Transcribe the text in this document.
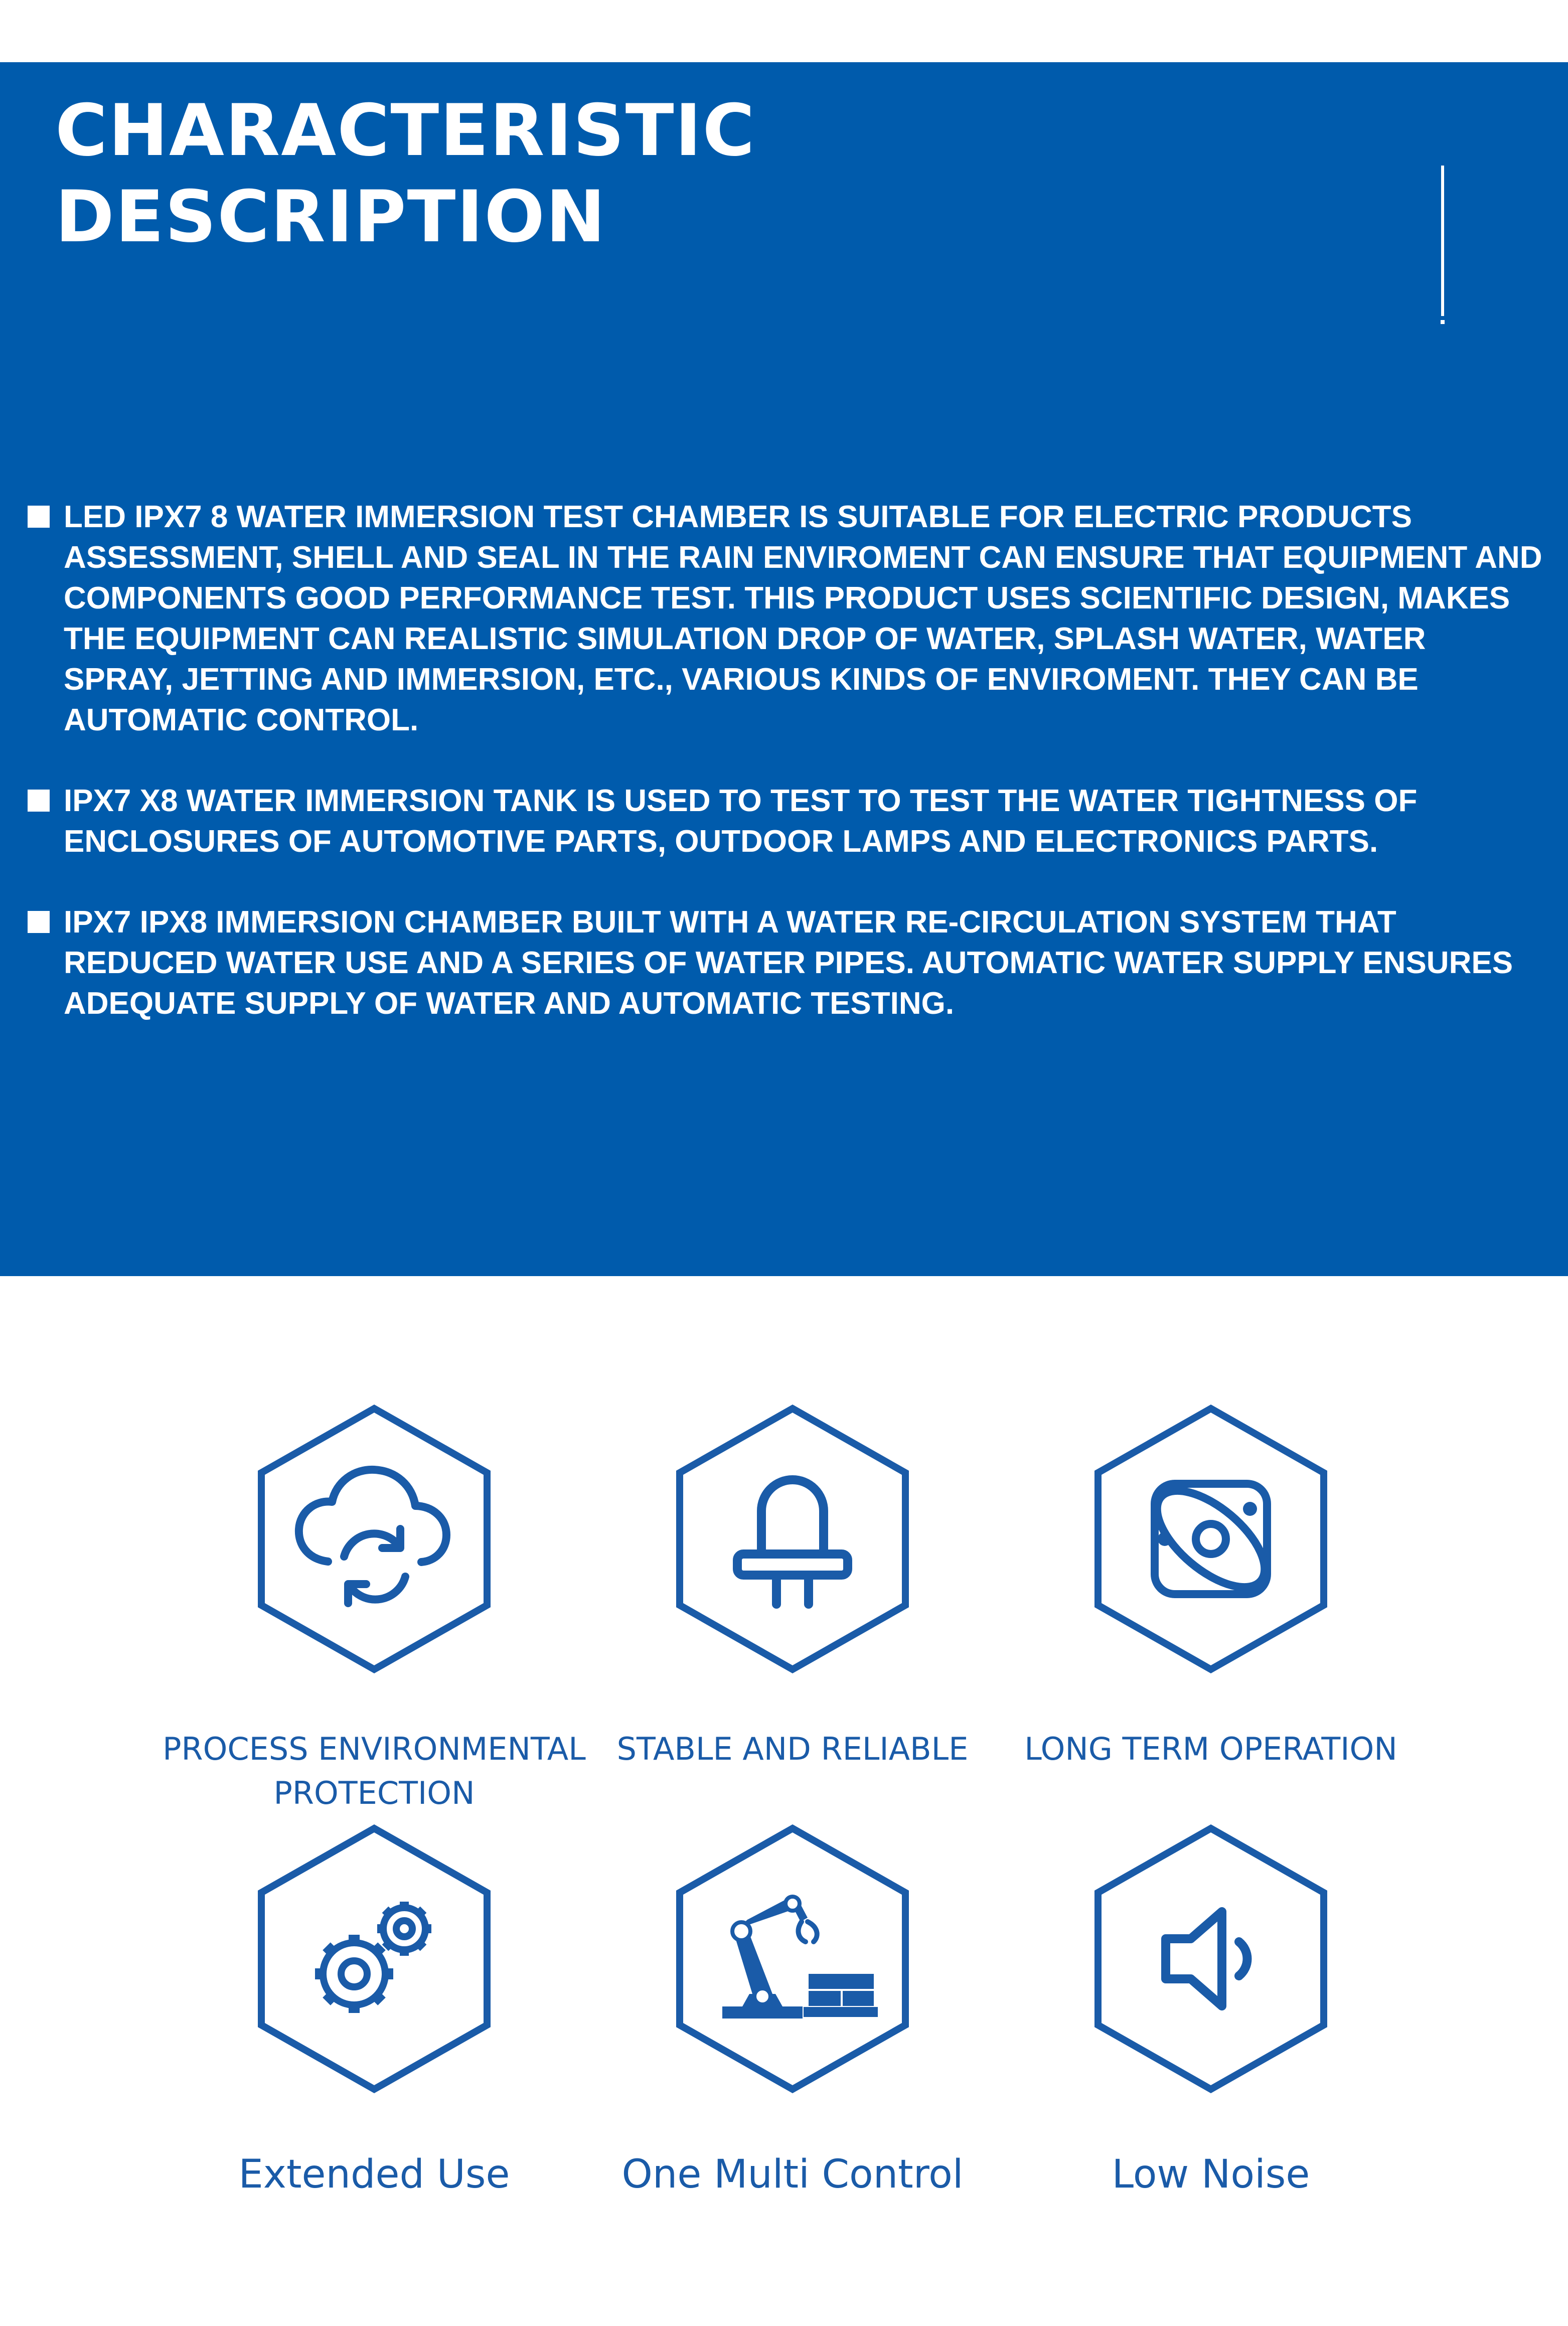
CHARACTERISTIC
DESCRIPTION
LED IPX7 8 WATER IMMERSION TEST CHAMBER IS SUITABLE FOR ELECTRIC PRODUCTS ASSESSMENT, SHELL AND SEAL IN THE RAIN ENVIROMENT CAN ENSURE THAT EQUIPMENT AND COMPONENTS GOOD PERFORMANCE TEST. THIS PRODUCT USES SCIENTIFIC DESIGN, MAKES THE EQUIPMENT CAN REALISTIC SIMULATION DROP OF WATER, SPLASH WATER, WATER SPRAY, JETTING AND IMMERSION, ETC., VARIOUS KINDS OF ENVIROMENT. THEY CAN BE AUTOMATIC CONTROL.
IPX7 X8 WATER IMMERSION TANK IS USED TO TEST TO TEST THE WATER TIGHTNESS OF ENCLOSURES OF AUTOMOTIVE PARTS, OUTDOOR LAMPS AND ELECTRONICS PARTS.
IPX7 IPX8 IMMERSION CHAMBER BUILT WITH A WATER RE-CIRCULATION SYSTEM THAT REDUCED WATER USE AND A SERIES OF WATER PIPES. AUTOMATIC WATER SUPPLY ENSURES ADEQUATE SUPPLY OF WATER AND AUTOMATIC TESTING.
PROCESS ENVIRONMENTAL
PROTECTION
STABLE AND RELIABLE	LONG TERM OPERATION
Extended Use	One Multi Control	Low Noise
